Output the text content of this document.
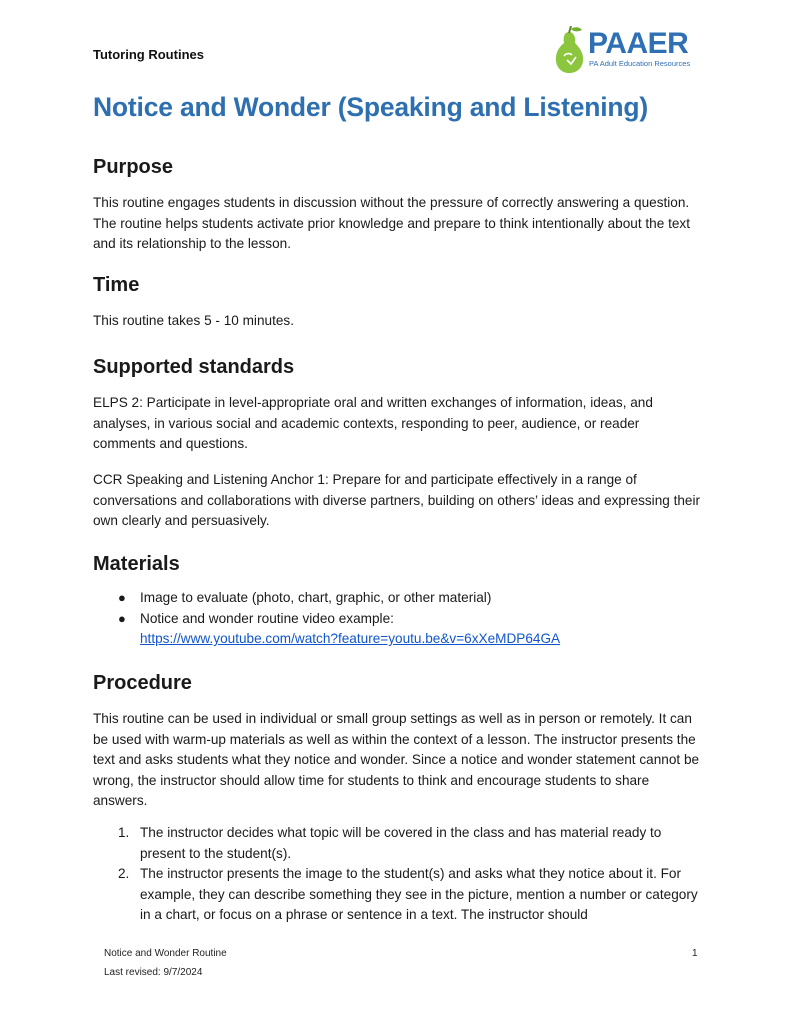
Tutoring Routines	PAAER
PA Adult Education Resources
Notice and Wonder (Speaking and Listening)
Purpose

This routine engages students in discussion without the pressure of correctly answering a question. The routine helps students activate prior knowledge and prepare to think intentionally about the text and its relationship to the lesson.

Time

This routine takes 5 - 10 minutes.

Supported standards

ELPS 2: Participate in level-appropriate oral and written exchanges of information, ideas, and analyses, in various social and academic contexts, responding to peer, audience, or reader comments and questions.

CCR Speaking and Listening Anchor 1: Prepare for and participate effectively in a range of conversations and collaborations with diverse partners, building on others’ ideas and expressing their own clearly and persuasively.

Materials
● Image to evaluate (photo, chart, graphic, or other material)
● Notice and wonder routine video example:
https://www.youtube.com/watch?feature=youtu.be&v=6xXeMDP64GA
Procedure

This routine can be used in individual or small group settings as well as in person or remotely. It can be used with warm-up materials as well as within the context of a lesson. The instructor presents the text and asks students what they notice and wonder. Since a notice and wonder statement cannot be wrong, the instructor should allow time for students to think and encourage students to share answers.

1. The instructor decides what topic will be covered in the class and has material ready to present to the student(s).
2. The instructor presents the image to the student(s) and asks what they notice about it. For example, they can describe something they see in the picture, mention a number or category in a chart, or focus on a phrase or sentence in a text. The instructor should
Notice and Wonder Routine
Last revised: 9/7/2024
1
